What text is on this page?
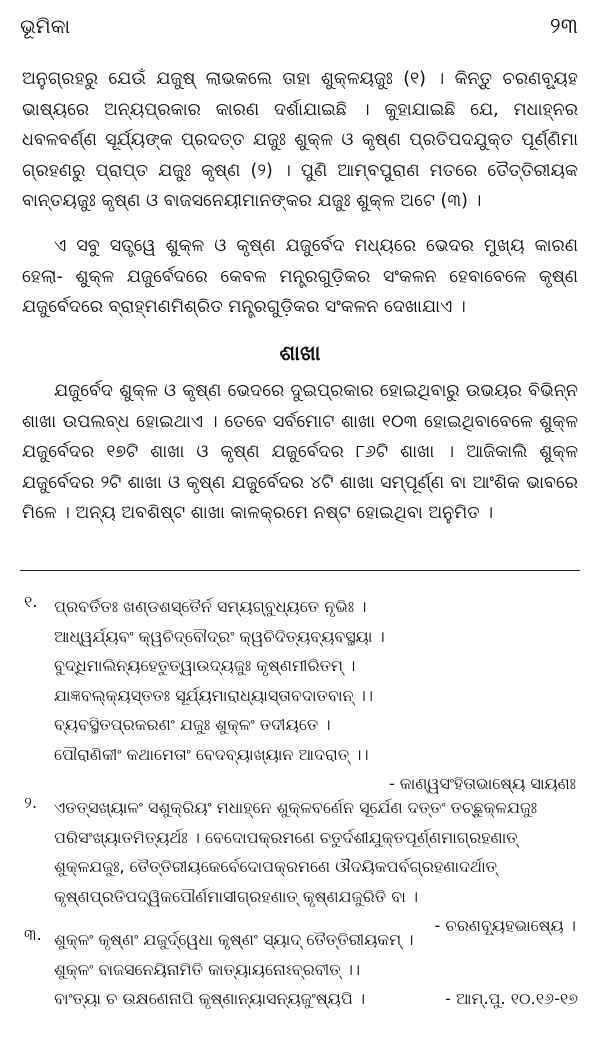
ଭୂମିକା	୨୩
ଅନୁଗ୍ରହରୁ ଯେଉଁ ଯଜୁଷ୍ ଲାଭକଲେ ତାହା ଶୁକ୍ଳୟଜୁଃ (୧) । କିନ୍ତୁ ଚରଣବ୍ୟୂହ ଭାଷ୍ୟରେ ଅନ୍ୟପ୍ରକାର କାରଣ ଦର୍ଶାଯାଇଛି । କୁହାଯାଇଛି ଯେ, ମଧାହ୍ନର ଧବଳବର୍ଣ୍ଣ ସୂର୍ଯ୍ୟଙ୍କ ପ୍ରଦତ୍ତ ଯଜୁଃ ଶୁକ୍ଳ ଓ କୃଷ୍ଣ ପ୍ରତିପଦଯୁକ୍ତ ପୂର୍ଣ୍ଣିମା ଗ୍ରହଣରୁ ପ୍ରାପ୍ତ ଯଜୁଃ କୃଷ୍ଣ (୨) । ପୁଣି ଆମ୍ବପୁରାଣ ମତରେ ତୈତ୍ତିରୀୟକ ବାନ୍ତୟଜୁଃ କୃଷ୍ଣ ଓ ବାଜସନେୟୀମାନଙ୍କର ଯଜୁଃ ଶୁକ୍ଳ ଅଟେ (୩) ।
ଏ ସବୁ ସତ୍ତ୍ୱେ ଶୁକ୍ଳ ଓ କୃଷ୍ଣ ଯଜୁର୍ବେଦ ମଧ୍ୟରେ ଭେଦର ମୁଖ୍ୟ କାରଣ ହେଲା- ଶୁକ୍ଳ ଯଜୁର୍ବେଦରେ କେବଳ ମନ୍ତ୍ରଗୁଡ଼ିକର ସଂକଳନ ହେବାବେଳେ କୃଷ୍ଣ ଯଜୁର୍ବେଦରେ ବ୍ରାହ୍ମଣମିଶ୍ରିତ ମନ୍ତ୍ରଗୁଡ଼ିକର ସଂକଳନ ଦେଖାଯାଏ ।
ଶାଖା
ଯଜୁର୍ବେଦ ଶୁକ୍ଳ ଓ କୃଷ୍ଣ ଭେଦରେ ଦୁଇପ୍ରକାର ହୋଇଥିବାରୁ ଉଭୟର ବିଭିନ୍ନ ଶାଖା ଉପଲବ୍ଧ ହୋଇଥାଏ । ତେବେ ସର୍ବମୋଟ ଶାଖା ୧୦୩ ହୋଇଥିବାବେଳେ ଶୁକ୍ଳ ଯଜୁର୍ବେଦର ୧୭ଟି ଶାଖା ଓ କୃଷ୍ଣ ଯଜୁର୍ବେଦର ୮୬ଟି ଶାଖା । ଆଜିକାଲି ଶୁକ୍ଳ ଯଜୁର୍ବେଦର ୨ଟି ଶାଖା ଓ କୃଷ୍ଣ ଯଜୁର୍ବେଦର ୪ଟି ଶାଖା ସମ୍ପୂର୍ଣ୍ଣ ବା ଆଂଶିକ ଭାବରେ ମିଳେ । ଅନ୍ୟ ଅବଶିଷ୍ଟ ଶାଖା କାଳକ୍ରମେ ନଷ୍ଟ ହୋଇଥିବା ଅନୁମିତ ।
୧. ପ୍ରବର୍ତିତଃ ଖଣ୍ଡଶସ୍ତୈର୍ନ ସମ୍ୟଗ୍‌ବୁଧ୍ୟତେ ନୃଭିଃ ।
ଆଧ୍ୱର୍ଯ୍ୟବଂ କ୍ୱଚିଦ୍‌ବୌଦ୍ରଂ କ୍ୱଚିଦିତ୍ୟବ୍ୟବସ୍ଥୟା ।
ବୁଦ୍ଧିମାଲିନ୍ୟହେତୁତ୍ୱାଉଦ୍ୟଜୁଃ କୃଷ୍ଣମୀରିତମ୍ ।
ଯାଜ୍ଞବଲ୍‌କ୍ୟସ୍ତତଃ ସୂର୍ଯ୍ୟମାରାଧ୍ୟାସ୍ତାବଦାତବାନ୍ ।।
ବ୍ୟବସ୍ଥିତପ୍ରକରଣଂ ଯଜୁଃ ଶୁକ୍ଳଂ ତଦୀୟତେ ।
ପୌରାଣିକୀଂ କଥାମେତାଂ ବେଦବ୍ୟାଖ୍ୟାନ ଆଦରାତ୍ ।।
- କାଣ୍ୱସଂହିତାଭାଷ୍ୟେ ସାୟଣଃ
୨. ଏତତ୍‌ସଖ୍ୟାଳଂ ସଶୁକ୍ରିୟଂ ମଧାହ୍ନେ ଶୁକ୍ଳବର୍ଣେନ ସୂର୍ଯେଣ ଦତ୍ତଂ ତଚ୍ଛୁକ୍ଳଯଜୁଃ
ପରିସଂଖ୍ୟାତମିତ୍ୟର୍ଥଃ । ବେଦୋପକ୍ରମଣେ ଚତୁର୍ଦଶୀଯୁକ୍ତପୂର୍ଣ୍ଣମାଗ୍ରହଣାତ୍
ଶୁକ୍ଳଯଜୁଃ, ତୈତ୍ତିରୀୟକେର୍ବେଦୋପକ୍ରମଣେ ଔଦୟିକପର୍ବଗ୍ରହଣାଦର୍ଥାତ୍
କୃଷ୍ଣପ୍ରତିପଦ୍ୱିକପୌର୍ଣମାସୀଗ୍ରହଣାତ୍ କୃଷ୍ଣଯଜୁରିତି ବା ।
- ଚରଣବ୍ୟୂହଭାଷ୍ୟେ ।
୩. ଶୁକ୍ଳଂ କୃଷ୍ଣଂ ଯଜୁର୍ଦ୍ୱେଧା କୃଷ୍ଣଂ ସ୍ୟାଦ୍ ତୈତ୍ତିରୀୟକମ୍ ।
ଶୁକ୍ଳଂ ବାଜସନେୟିନାମିତି କାତ୍ୟାୟନୋଽବ୍ରବୀତ୍ ।।
ବାଂତ୍ୟା ଚ ଉକ୍ଷଣେନାପି କୃଷ୍ଣାନ୍ୟାସନ୍ୟଜୁଂଷ୍ୟପି ।	- ଆମ୍.ପୁ. ୧୦.୧୬-୧୭
